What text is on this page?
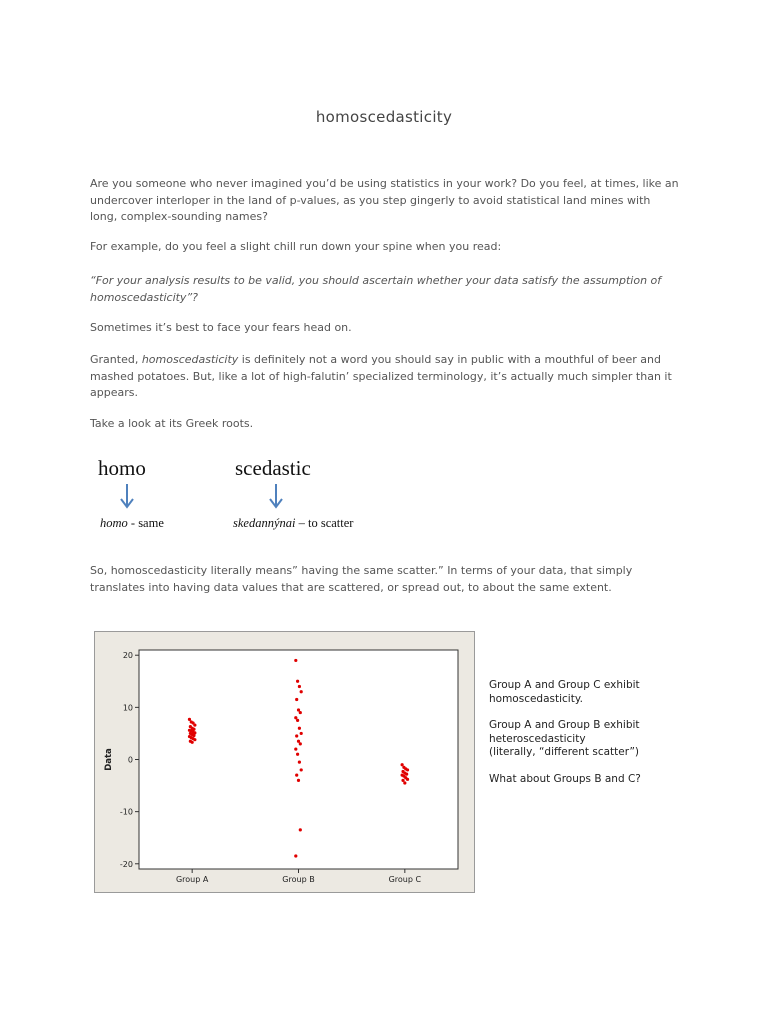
homoscedasticity

Are you someone who never imagined you’d be using statistics in your work? Do you feel, at times, like an undercover interloper in the land of p-values, as you step gingerly to avoid statistical land mines with long, complex-sounding names?

For example, do you feel a slight chill run down your spine when you read:

“For your analysis results to be valid, you should ascertain whether your data satisfy the assumption of homoscedasticity”?

Sometimes it’s best to face your fears head on.

Granted, homoscedasticity is definitely not a word you should say in public with a mouthful of beer and mashed potatoes. But, like a lot of high-falutin’ specialized terminology, it’s actually much simpler than it appears.

Take a look at its Greek roots.

homo	scedastic
homo - same	skedannýnai – to scatter

So, homoscedasticity literally means” having the same scatter.” In terms of your data, that simply translates into having data values that are scattered, or spread out, to about the same extent.

20
10
0
-10
-20
Group A	Group B	Group C
Data

Group A and Group C exhibit
homoscedasticity.

Group A and Group B exhibit
heteroscedasticity
(literally, “different scatter”)

What about Groups B and C?
